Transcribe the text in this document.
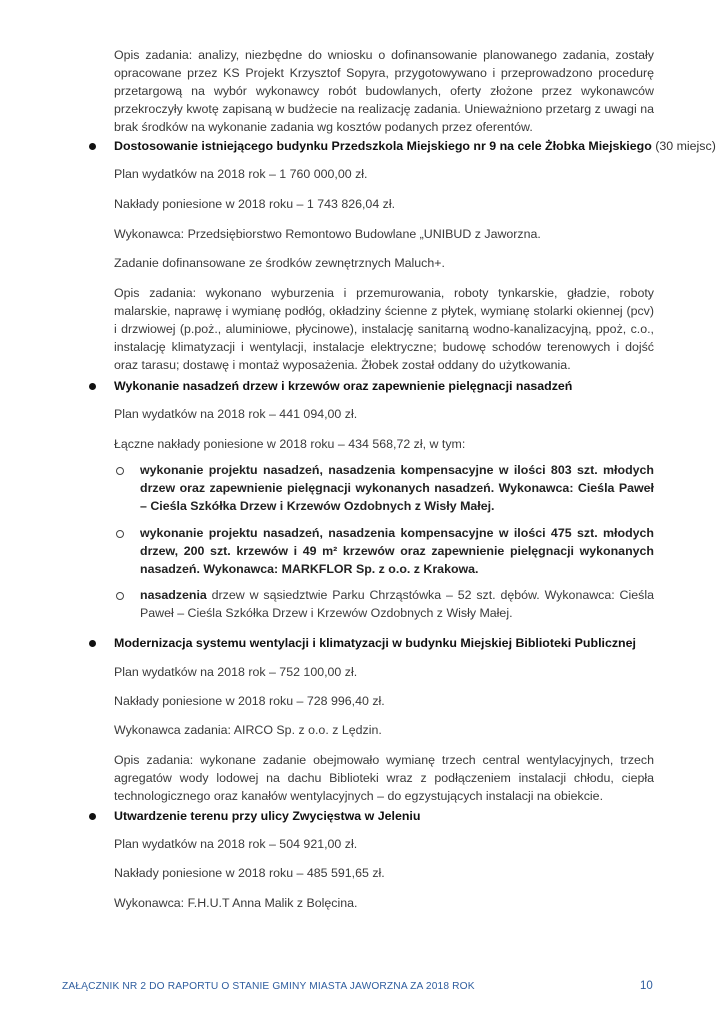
Opis zadania: analizy, niezbędne do wniosku o dofinansowanie planowanego zadania, zostały opracowane przez KS Projekt Krzysztof Sopyra, przygotowywano i przeprowadzono procedurę przetargową na wybór wykonawcy robót budowlanych, oferty złożone przez wykonawców przekroczyły kwotę zapisaną w budżecie na realizację zadania. Unieważniono przetarg z uwagi na brak środków na wykonanie zadania wg kosztów podanych przez oferentów.

Dostosowanie istniejącego budynku Przedszkola Miejskiego nr 9 na cele Żłobka Miejskiego (30 miejsc)

Plan wydatków na 2018 rok – 1 760 000,00 zł.

Nakłady poniesione w 2018 roku – 1 743 826,04 zł.

Wykonawca: Przedsiębiorstwo Remontowo Budowlane „UNIBUD z Jaworzna.

Zadanie dofinansowane ze środków zewnętrznych Maluch+.

Opis zadania: wykonano wyburzenia i przemurowania, roboty tynkarskie, gładzie, roboty malarskie, naprawę i wymianę podłóg, okładziny ścienne z płytek, wymianę stolarki okiennej (pcv) i drzwiowej (p.poż., aluminiowe, płycinowe), instalację sanitarną wodno-kanalizacyjną, ppoż, c.o., instalację klimatyzacji i wentylacji, instalacje elektryczne; budowę schodów terenowych i dojść oraz tarasu; dostawę i montaż wyposażenia. Żłobek został oddany do użytkowania.

Wykonanie nasadzeń drzew i krzewów oraz zapewnienie pielęgnacji nasadzeń

Plan wydatków na 2018 rok – 441 094,00 zł.

Łączne nakłady poniesione w 2018 roku – 434 568,72 zł, w tym:

wykonanie projektu nasadzeń, nasadzenia kompensacyjne w ilości 803 szt. młodych drzew oraz zapewnienie pielęgnacji wykonanych nasadzeń. Wykonawca: Cieśla Paweł – Cieśla Szkółka Drzew i Krzewów Ozdobnych z Wisły Małej.

wykonanie projektu nasadzeń, nasadzenia kompensacyjne w ilości 475 szt. młodych drzew, 200 szt. krzewów i 49 m² krzewów oraz zapewnienie pielęgnacji wykonanych nasadzeń. Wykonawca: MARKFLOR Sp. z o.o. z Krakowa.

nasadzenia drzew w sąsiedztwie Parku Chrząstówka – 52 szt. dębów. Wykonawca: Cieśla Paweł – Cieśla Szkółka Drzew i Krzewów Ozdobnych z Wisły Małej.

Modernizacja systemu wentylacji i klimatyzacji w budynku Miejskiej Biblioteki Publicznej

Plan wydatków na 2018 rok – 752 100,00 zł.

Nakłady poniesione w 2018 roku – 728 996,40 zł.

Wykonawca zadania: AIRCO Sp. z o.o. z Lędzin.

Opis zadania: wykonane zadanie obejmowało wymianę trzech central wentylacyjnych, trzech agregatów wody lodowej na dachu Biblioteki wraz z podłączeniem instalacji chłodu, ciepła technologicznego oraz kanałów wentylacyjnych – do egzystujących instalacji na obiekcie.

Utwardzenie terenu przy ulicy Zwycięstwa w Jeleniu

Plan wydatków na 2018 rok – 504 921,00 zł.

Nakłady poniesione w 2018 roku – 485 591,65 zł.

Wykonawca: F.H.U.T Anna Malik z Bolęcina.

ZAŁĄCZNIK NR 2 DO RAPORTU O STANIE GMINY MIASTA JAWORZNA ZA 2018 ROK	10
